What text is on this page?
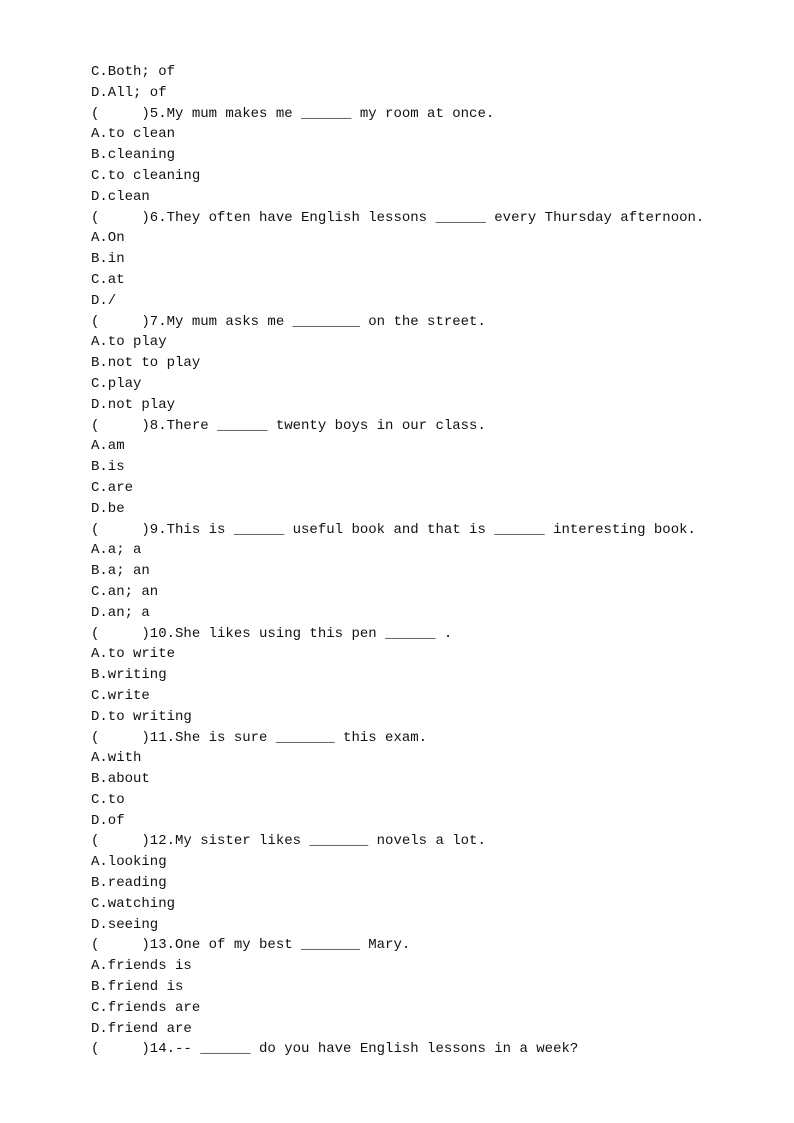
C.Both; of
D.All; of
(     )5.My mum makes me ______ my room at once.
A.to clean
B.cleaning
C.to cleaning
D.clean
(     )6.They often have English lessons ______ every Thursday afternoon.
A.On
B.in
C.at
D./
(     )7.My mum asks me ________ on the street.
A.to play
B.not to play
C.play
D.not play
(     )8.There ______ twenty boys in our class.
A.am
B.is
C.are
D.be
(     )9.This is ______ useful book and that is ______ interesting book.
A.a; a
B.a; an
C.an; an
D.an; a
(     )10.She likes using this pen ______ .
A.to write
B.writing
C.write
D.to writing
(     )11.She is sure _______ this exam.
A.with
B.about
C.to
D.of
(     )12.My sister likes _______ novels a lot.
A.looking
B.reading
C.watching
D.seeing
(     )13.One of my best _______ Mary.
A.friends is
B.friend is
C.friends are
D.friend are
(     )14.-- ______ do you have English lessons in a week?
